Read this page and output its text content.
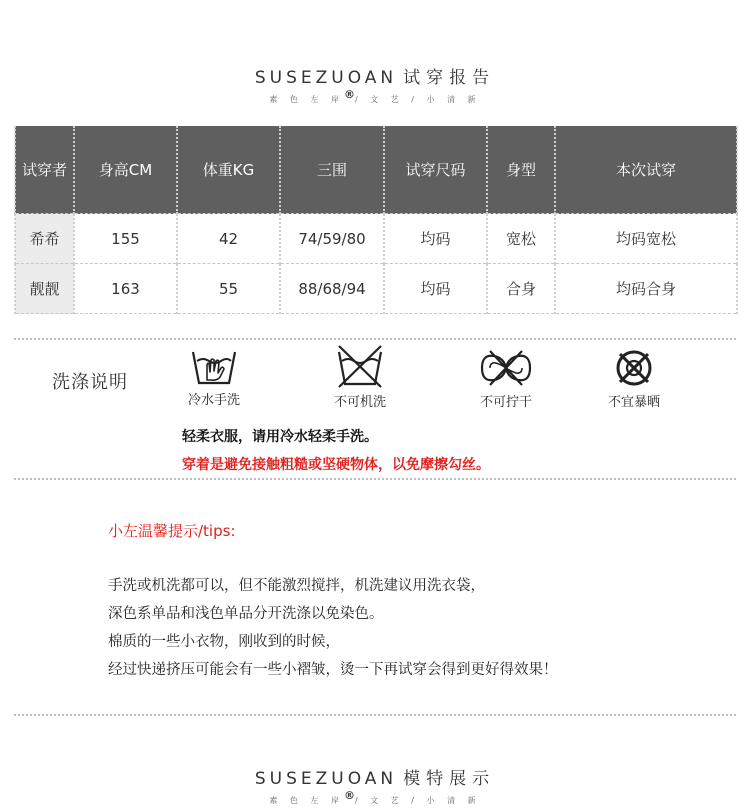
SUSEZUOAN 试穿报告
素 色 左 岸®/ 文 艺 / 小 清 新
试穿者	身高CM	体重KG	三围	试穿尺码	身型	本次试穿
希希	155	42	74/59/80	均码	宽松	均码宽松
靓靓	163	55	88/68/94	均码	合身	均码合身
洗涤说明
冷水手洗	不可机洗	不可拧干	不宜暴晒
轻柔衣服，请用冷水轻柔手洗。
穿着是避免接触粗糙或坚硬物体，以免摩擦勾丝。
小左温馨提示/tips:
手洗或机洗都可以，但不能激烈搅拌，机洗建议用洗衣袋，
深色系单品和浅色单品分开洗涤以免染色。
棉质的一些小衣物，刚收到的时候，
经过快递挤压可能会有一些小褶皱，烫一下再试穿会得到更好得效果！
SUSEZUOAN 模特展示
素 色 左 岸®/ 文 艺 / 小 清 新
